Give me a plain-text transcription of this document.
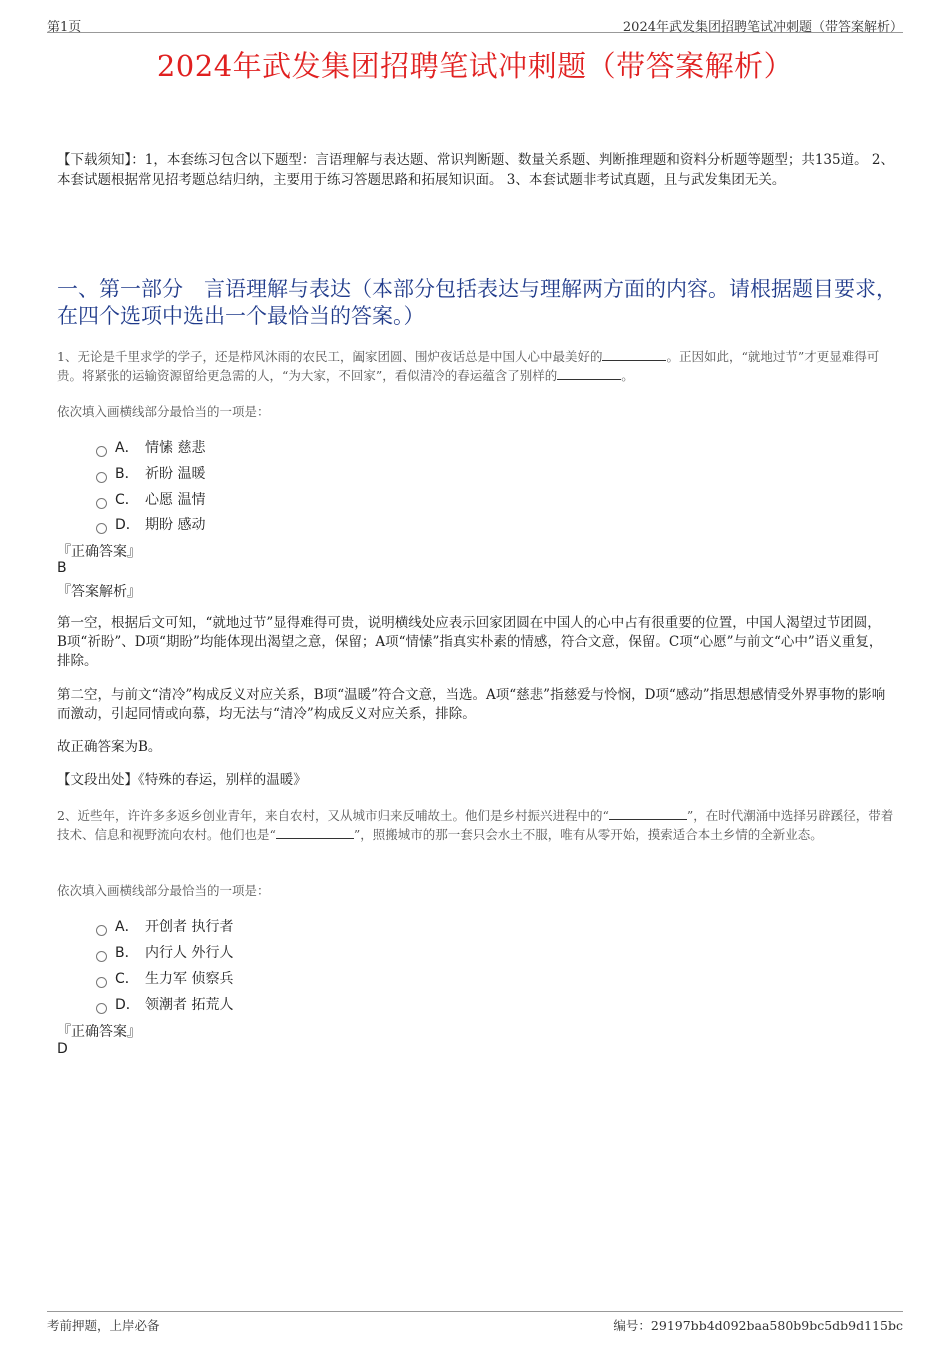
第1页	2024年武发集团招聘笔试冲刺题（带答案解析）
2024年武发集团招聘笔试冲刺题（带答案解析）
【下载须知】：1，本套练习包含以下题型：言语理解与表达题、常识判断题、数量关系题、判断推理题和资料分析题等题型；共135道。 2、本套试题根据常见招考题总结归纳，主要用于练习答题思路和拓展知识面。 3、本套试题非考试真题，且与武发集团无关。
一、第一部分　言语理解与表达（本部分包括表达与理解两方面的内容。请根据题目要求，在四个选项中选出一个最恰当的答案。）
1、无论是千里求学的学子，还是栉风沐雨的农民工，阖家团圆、围炉夜话总是中国人心中最美好的	。正因如此，“就地过节”才更显难得可贵。将紧张的运输资源留给更急需的人，“为大家，不回家”，看似清冷的春运蕴含了别样的	。
依次填入画横线部分最恰当的一项是：
A． 情愫 慈悲
B． 祈盼 温暖
C． 心愿 温情
D． 期盼 感动
『正确答案』
B
『答案解析』
第一空，根据后文可知，“就地过节”显得难得可贵，说明横线处应表示回家团圆在中国人的心中占有很重要的位置，中国人渴望过节团圆，B项“祈盼”、D项“期盼”均能体现出渴望之意，保留；A项“情愫”指真实朴素的情感，符合文意，保留。C项“心愿”与前文“心中”语义重复，排除。
第二空，与前文“清冷”构成反义对应关系，B项“温暖”符合文意，当选。A项“慈悲”指慈爱与怜悯，D项“感动”指思想感情受外界事物的影响而激动，引起同情或向慕，均无法与“清冷”构成反义对应关系，排除。
故正确答案为B。
【文段出处】《特殊的春运，别样的温暖》
2、近些年，许许多多返乡创业青年，来自农村，又从城市归来反哺故土。他们是乡村振兴进程中的“	”，在时代潮涌中选择另辟蹊径，带着技术、信息和视野流向农村。他们也是“	”，照搬城市的那一套只会水土不服，唯有从零开始，摸索适合本土乡情的全新业态。
依次填入画横线部分最恰当的一项是：
A． 开创者 执行者
B． 内行人 外行人
C． 生力军 侦察兵
D． 领潮者 拓荒人
『正确答案』
D
考前押题，上岸必备	编号：29197bb4d092baa580b9bc5db9d115bc
